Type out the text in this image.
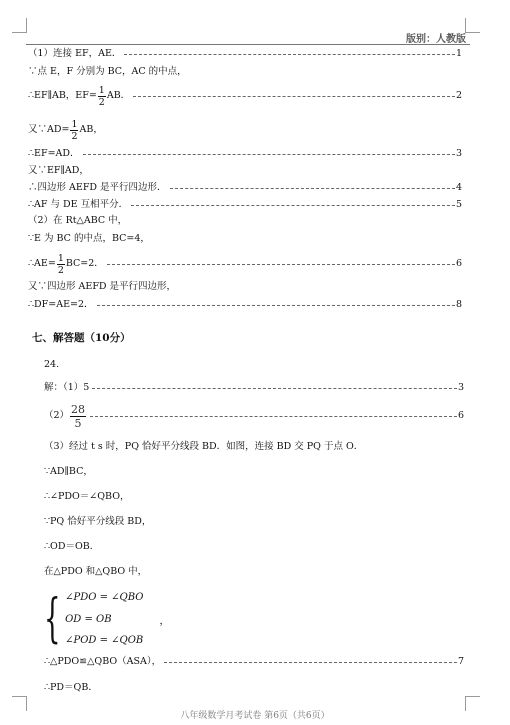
版别：人教版
（1）连接 EF，AE．	1
∵点 E，F 分别为 BC，AC 的中点，
∴EF∥AB，$EF= \frac{1}{2}$ AB．	2
又∵AD= $\frac{1}{2}$ AB，
∴EF=AD．	3
又∵EF∥AD，
∴四边形 AEFD 是平行四边形．	4
∴AF 与 DE 互相平分．	5
（2）在 Rt△ABC 中，
∵E 为 BC 的中点，BC=4，
∴AE= $\frac{1}{2} BC=2$．	6
又∵四边形 AEFD 是平行四边形，
∴DF=AE=2．	8
七、解答题（10分）
24.
解：（1）5	3
$(2) \frac{28}{5}$	6
（3）经过 t s 时，PQ 恰好平分线段 BD．如图，连接 BD 交 PQ 于点 O．
∵AD∥BC，
∴∠PDO＝∠QBO，
∵PQ 恰好平分线段 BD，
∴OD＝OB．
在△PDO 和△QBO 中，
{ ∠PDO = ∠QBO
OD = OB
∠POD = ∠QOB
，
∴△PDO≌△QBO（ASA），	7
∴PD＝QB．
八年级数学月考试卷 第6页（共6页）
